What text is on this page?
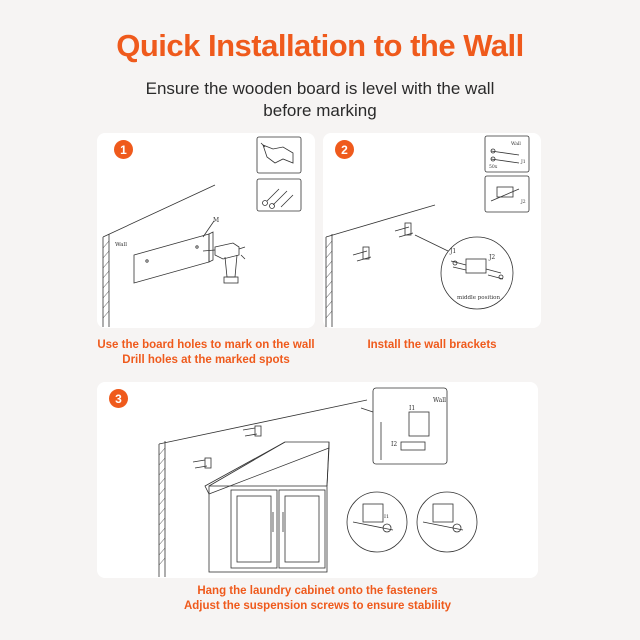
Quick Installation to the Wall
Ensure the wooden board is level with the wall before marking
1
Wall
M
Use the board holes to mark on the wall
Drill holes at the marked spots
2
J1
J2
middle position
Wall
50x
J1
J2
Install the wall brackets
3	Wall
I1
I2
I1
Hang the laundry cabinet onto the fasteners
Adjust the suspension screws to ensure stability
